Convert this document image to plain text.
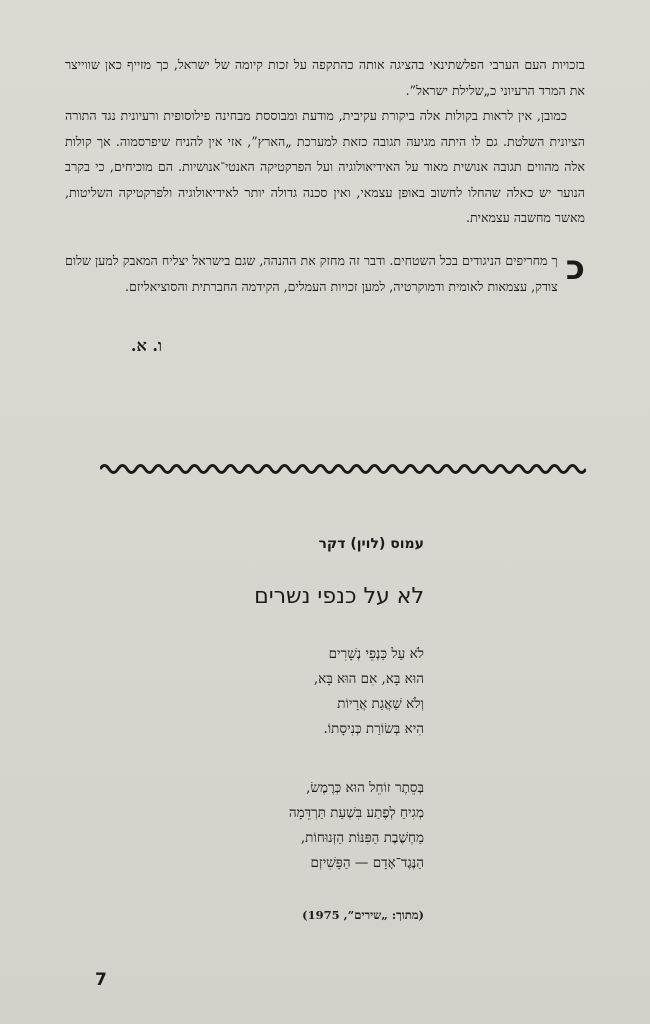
בזכויות העם הערבי הפלשתינאי בהציגה אותה כהתקפה על זכות קיומה של ישראל, כך מזייף כאן שווייצר את המרד הרעיוני כ„שלילת ישראל”.

כמובן, אין לראות בקולות אלה ביקורת עקיבית, מודעת ומבוססת מבחינה פילוסופית ורעיונית נגד התורה הציונית השלטת. גם לו היתה מגיעה תגובה כזאת למערכת „הארץ”, אזי אין להניח שיפרסמוה. אך קולות אלה מהווים תגובה אנושית מאוד על האידיאולוגיה ועל הפרקטיקה האנטי־אנושיות. הם מוכיחים, כי בקרב הנוער יש כאלה שהחלו לחשוב באופן עצמאי, ואין סכנה גדולה יותר לאידיאולוגיה ולפרקטיקה השליטות, מאשר מחשבה עצמאית.

כ
ך מחריפים הניגודים בכל השטחים. ודבר זה מחזק את ההנהה, שגם בישראל יצליח המאבק למען שלום צודק, עצמאות לאומית ודמוקרטיה, למען זכויות העמלים, הקידמה החברתית והסוציאליזם.
ו. א.
עמוס (לוין) דקר
לא על כנפי נשרים
לֹא עַל כַּנְפֵי נְשָׁרִים
הוּא בָּא, אִם הוּא בָּא,
וְלֹא שַׁאֲגַת אֲרָיוֹת
הִיא בְּשׂוֹרַת כְּנִיסָתוֹ.
בְּסֵתֶר זוֹחֵל הוּא כְּרֶמֶשׂ,
מְגִיחַ לְפֶתַע בִּשְׁעַת תַּרְדֵּמָה
מַחְשֶׁבֶת הַפִּנּוֹת הַזְּנוּחוֹת,
הַנֶּגֶד־אָדָם — הַפָּשִׁיזְם
(מתוך: „שירים”, 1975)
7
